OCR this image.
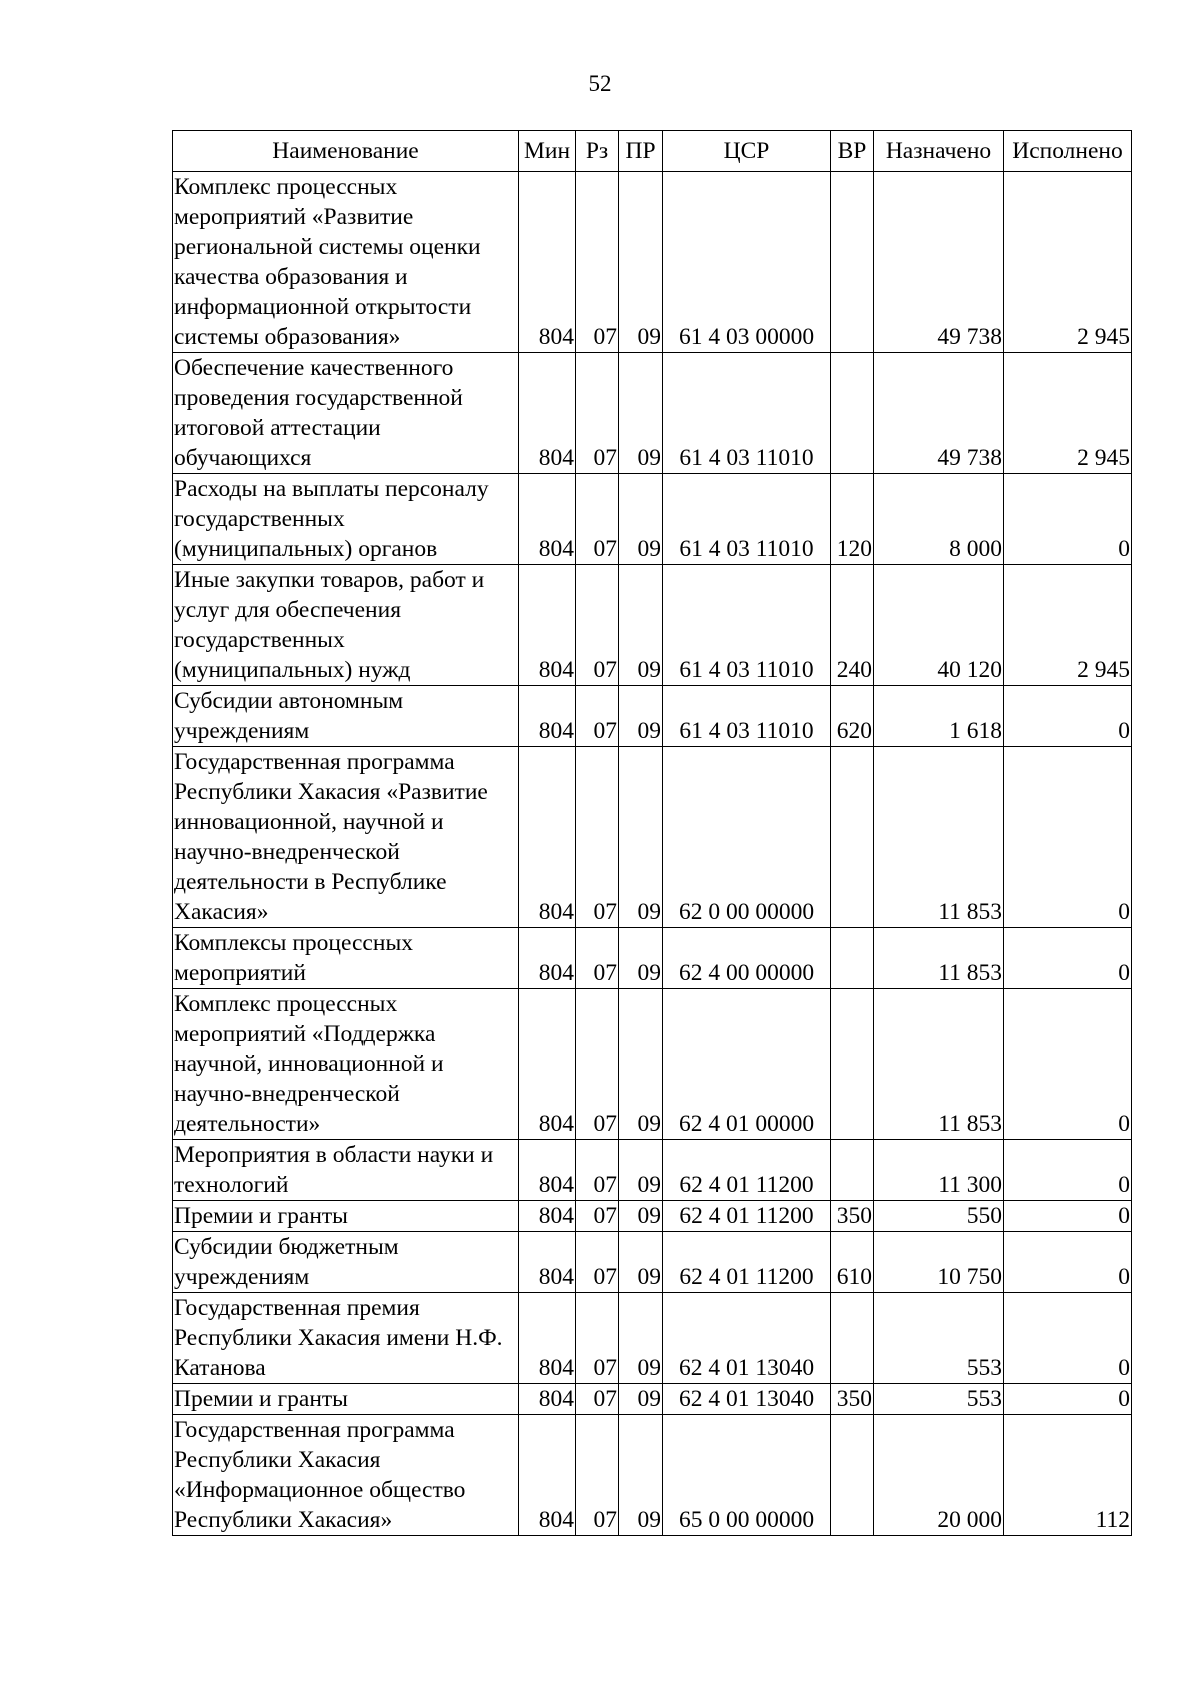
52
Наименование	Мин	Рз	ПР	ЦСР	ВР	Назначено	Исполнено
Комплекс процессных мероприятий «Развитие региональной системы оценки качества образования и информационной открытости системы образования»	804	07	09	61 4 03 00000		49 738	2 945
Обеспечение качественного проведения государственной итоговой аттестации обучающихся	804	07	09	61 4 03 11010		49 738	2 945
Расходы на выплаты персоналу государственных (муниципальных) органов	804	07	09	61 4 03 11010	120	8 000	0
Иные закупки товаров, работ и услуг для обеспечения государственных (муниципальных) нужд	804	07	09	61 4 03 11010	240	40 120	2 945
Субсидии автономным учреждениям	804	07	09	61 4 03 11010	620	1 618	0
Государственная программа Республики Хакасия «Развитие инновационной, научной и научно-внедренческой деятельности в Республике Хакасия»	804	07	09	62 0 00 00000		11 853	0
Комплексы процессных мероприятий	804	07	09	62 4 00 00000		11 853	0
Комплекс процессных мероприятий «Поддержка научной, инновационной и научно-внедренческой деятельности»	804	07	09	62 4 01 00000		11 853	0
Мероприятия в области науки и технологий	804	07	09	62 4 01 11200		11 300	0
Премии и гранты	804	07	09	62 4 01 11200	350	550	0
Субсидии бюджетным учреждениям	804	07	09	62 4 01 11200	610	10 750	0
Государственная премия Республики Хакасия имени Н.Ф. Катанова	804	07	09	62 4 01 13040		553	0
Премии и гранты	804	07	09	62 4 01 13040	350	553	0
Государственная программа Республики Хакасия «Информационное общество Республики Хакасия»	804	07	09	65 0 00 00000		20 000	112
